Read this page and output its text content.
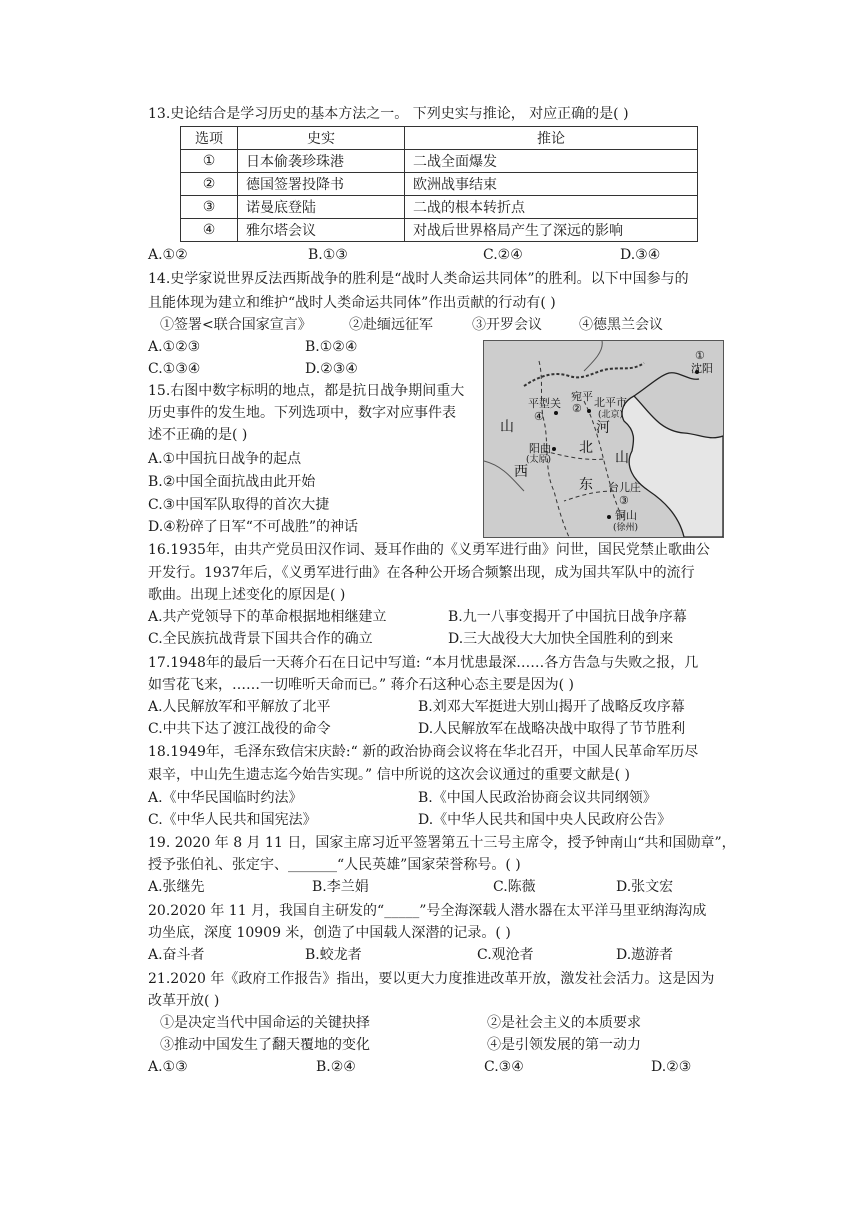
13.史论结合是学习历史的基本方法之一。 下列史实与推论， 对应正确的是( )
选项	史实	推论
①	日本偷袭珍珠港	二战全面爆发
②	德国签署投降书	欧洲战事结束
③	诺曼底登陆	二战的根本转折点
④	雅尔塔会议	对战后世界格局产生了深远的影响
A.①②	B.①③	C.②④	D.③④
14.史学家说世界反法西斯战争的胜利是“战时人类命运共同体”的胜利。以下中国参与的
且能体现为建立和维护“战时人类命运共同体”作出贡献的行动有( )
①签署<联合国家宣言》	②赴缅远征军	③开罗会议	④德黑兰会议
A.①②③	B.①②④
C.①③④	D.②③④
15.右图中数字标明的地点，都是抗日战争期间重大
历史事件的发生地。下列选项中，数字对应事件表
述不正确的是( )
A.①中国抗日战争的起点
B.②中国全面抗战由此开始
C.③中国军队取得的首次大捷
D.④粉碎了日军“不可战胜”的神话
①
沈阳
平型关
宛平
② 北平市
(北京)
④
山	河
阳曲
(太原)
北
山
西
东 台儿庄
③
铜山
(徐州)
16.1935年，由共产党员田汉作词、聂耳作曲的《义勇军进行曲》问世，国民党禁止歌曲公
开发行。1937年后，《义勇军进行曲》在各种公开场合频繁出现，成为国共军队中的流行
歌曲。出现上述变化的原因是( )
A.共产党领导下的革命根据地相继建立	B.九一八事变揭开了中国抗日战争序幕
C.全民族抗战背景下国共合作的确立	D.三大战役大大加快全国胜利的到来
17.1948年的最后一天蒋介石在日记中写道: “本月忧患最深……各方告急与失败之报，几
如雪花飞来，……一切唯听天命而已。” 蒋介石这种心态主要是因为( )
A.人民解放军和平解放了北平	B.刘邓大军挺进大别山揭开了战略反攻序幕
C.中共下达了渡江战役的命令	D.人民解放军在战略决战中取得了节节胜利
18.1949年，毛泽东致信宋庆龄:“ 新的政治协商会议将在华北召开，中国人民革命军历尽
艰辛，中山先生遗志迄今始告实现。” 信中所说的这次会议通过的重要文献是( )
A.《中华民国临时约法》	B.《中国人民政治协商会议共同纲领》
C.《中华人民共和国宪法》	D.《中华人民共和国中央人民政府公告》
19. 2020 年 8 月 11 日，国家主席习近平签署第五十三号主席令，授予钟南山“共和国勋章”，
授予张伯礼、张定宇、_______“人民英雄”国家荣誉称号。( )
A.张继先	B.李兰娟	C.陈薇	D.张文宏
20.2020 年 11 月，我国自主研发的“_____”号全海深载人潜水器在太平洋马里亚纳海沟成
功坐底，深度 10909 米，创造了中国载人深潜的记录。( )
A.奋斗者	B.蛟龙者	C.观沧者	D.遨游者
21.2020 年《政府工作报告》指出，要以更大力度推进改革开放，激发社会活力。这是因为
改革开放( )
①是决定当代中国命运的关键抉择	②是社会主义的本质要求
③推动中国发生了翻天覆地的变化	④是引领发展的第一动力
A.①③	B.②④	C.③④	D.②③
